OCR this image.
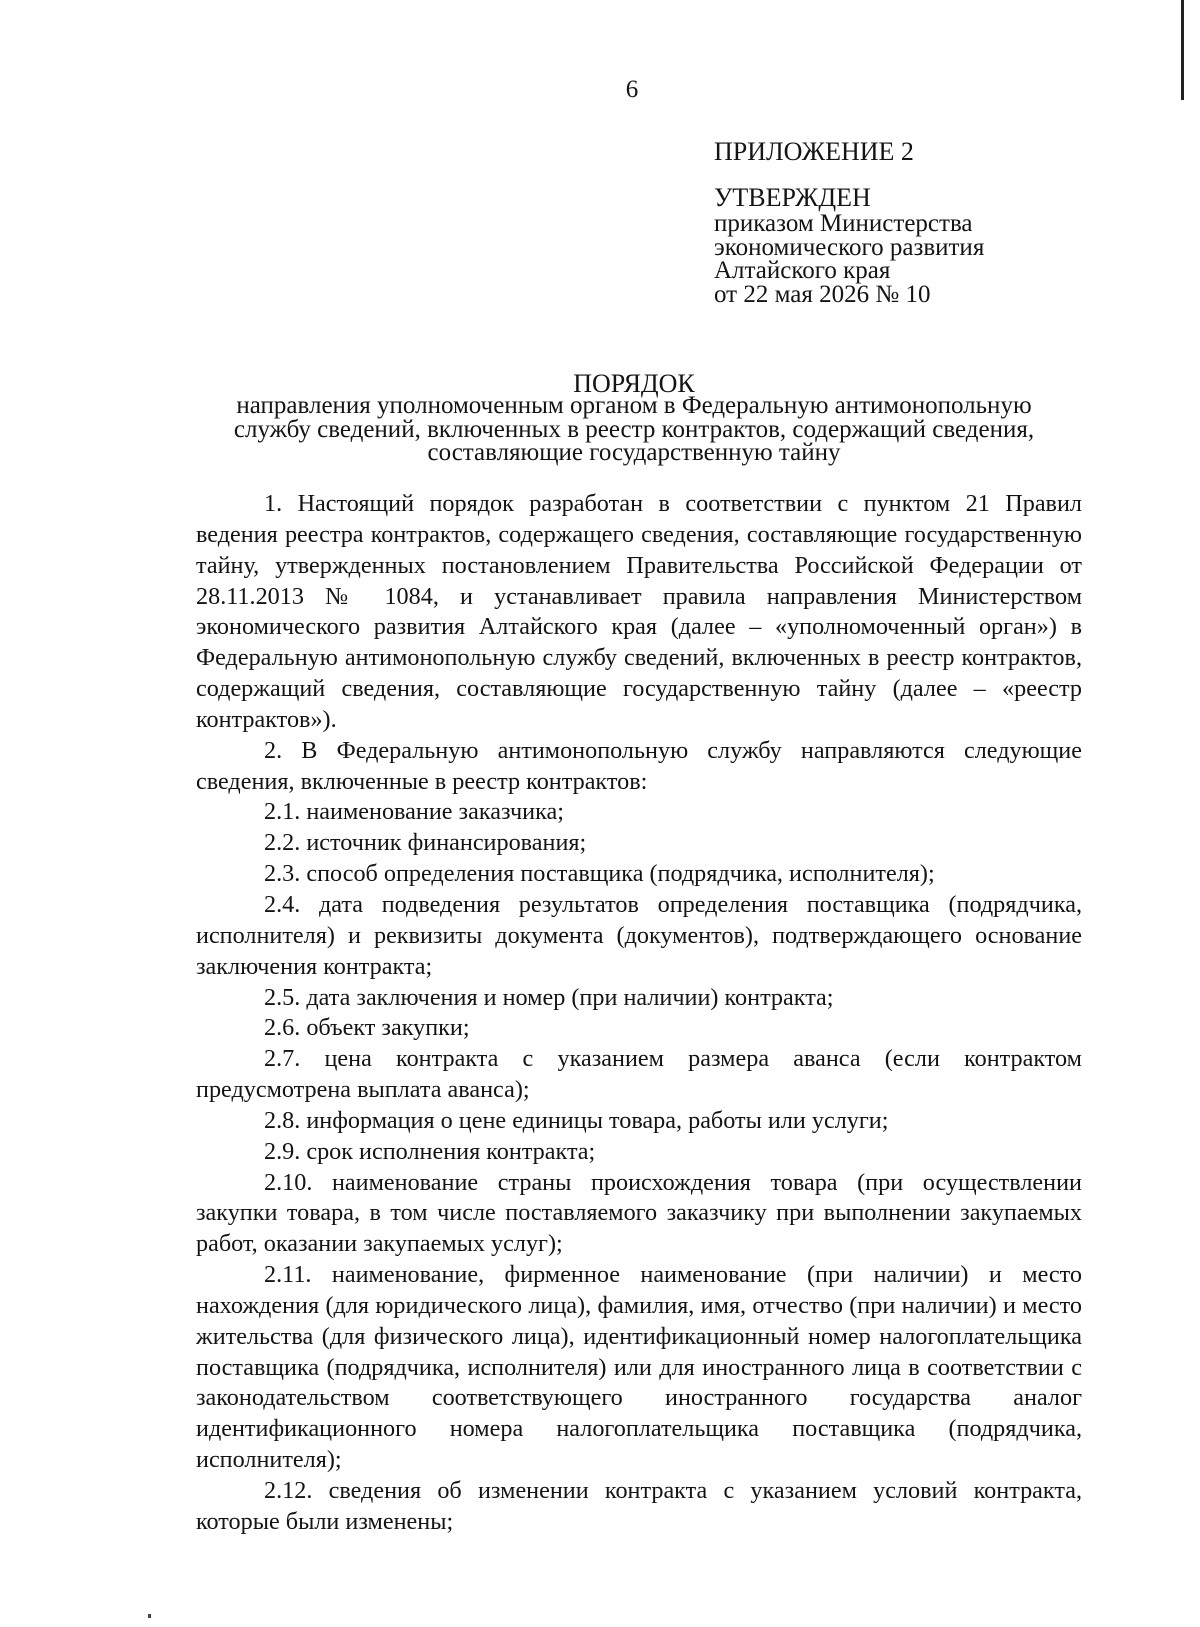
6
ПРИЛОЖЕНИЕ 2
УТВЕРЖДЕН
приказом Министерства
экономического развития
Алтайского края
от 22 мая 2026 № 10
ПОРЯДОК
направления уполномоченным органом в Федеральную антимонопольную
службу сведений, включенных в реестр контрактов, содержащий сведения,
составляющие государственную тайну

1. Настоящий порядок разработан в соответствии с пунктом 21 Правил ведения реестра контрактов, содержащего сведения, составляющие государственную тайну, утвержденных постановлением Правительства Российской Федерации от 28.11.2013 № 1084, и устанавливает правила направления Министерством экономического развития Алтайского края (далее – «уполномоченный орган») в Федеральную антимонопольную службу сведений, включенных в реестр контрактов, содержащий сведения, составляющие государственную тайну (далее – «реестр контрактов»).

2. В Федеральную антимонопольную службу направляются следующие сведения, включенные в реестр контрактов:

2.1. наименование заказчика;

2.2. источник финансирования;

2.3. способ определения поставщика (подрядчика, исполнителя);

2.4. дата подведения результатов определения поставщика (подрядчика, исполнителя) и реквизиты документа (документов), подтверждающего основание заключения контракта;

2.5. дата заключения и номер (при наличии) контракта;

2.6. объект закупки;

2.7. цена контракта с указанием размера аванса (если контрактом предусмотрена выплата аванса);

2.8. информация о цене единицы товара, работы или услуги;

2.9. срок исполнения контракта;

2.10. наименование страны происхождения товара (при осуществлении закупки товара, в том числе поставляемого заказчику при выполнении закупаемых работ, оказании закупаемых услуг);

2.11. наименование, фирменное наименование (при наличии) и место нахождения (для юридического лица), фамилия, имя, отчество (при наличии) и место жительства (для физического лица), идентификационный номер налогоплательщика поставщика (подрядчика, исполнителя) или для иностранного лица в соответствии с законодательством соответствующего иностранного государства аналог идентификационного номера налогоплательщика поставщика (подрядчика, исполнителя);

2.12. сведения об изменении контракта с указанием условий контракта, которые были изменены;
